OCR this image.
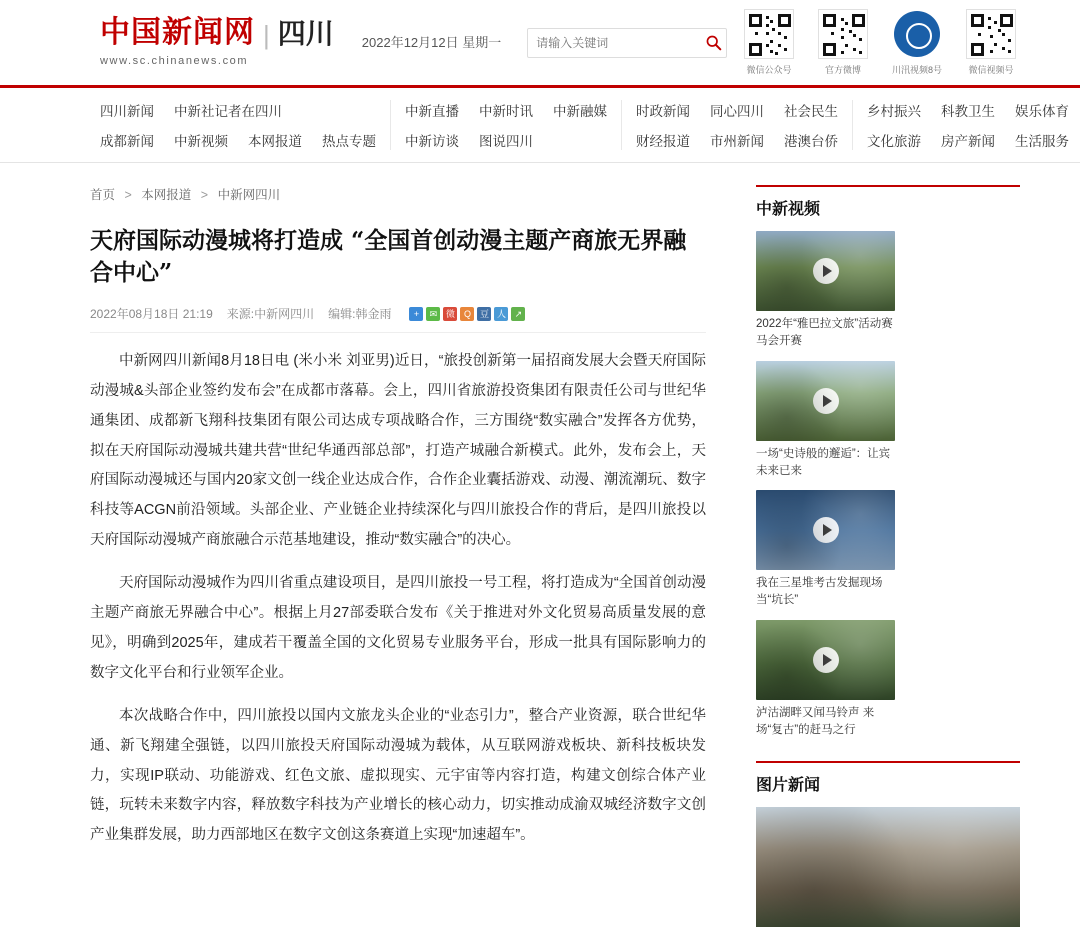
中国新闻网 | 四川
www.sc.chinanews.com
2022年12月12日 星期一
请输入关键词
微信公众号	官方微博	川汛视频8号	微信视频号
四川新闻 中新社记者在四川
成都新闻 中新视频 本网报道 热点专题
中新直播 中新时讯 中新融媒
中新访谈 图说四川
时政新闻 同心四川 社会民生
财经报道 市州新闻 港澳台侨
乡村振兴 科教卫生 娱乐体育
文化旅游 房产新闻 生活服务
首页 > 本网报道 > 中新网四川
天府国际动漫城将打造成 “全国首创动漫主题产商旅无界融合中心”
2022年08月18日 21:19 来源:中新网四川 编辑:韩金雨	+	✉ 微 Q 豆 人 ↗

中新网四川新闻8月18日电 (米小米 刘亚男)近日，“旅投创新第一届招商发展大会暨天府国际动漫城&头部企业签约发布会”在成都市落幕。会上，四川省旅游投资集团有限责任公司与世纪华通集团、成都新飞翔科技集团有限公司达成专项战略合作，三方围绕“数实融合”发挥各方优势，拟在天府国际动漫城共建共营“世纪华通西部总部”，打造产城融合新模式。此外，发布会上，天府国际动漫城还与国内20家文创一线企业达成合作，合作企业囊括游戏、动漫、潮流潮玩、数字科技等ACGN前沿领域。头部企业、产业链企业持续深化与四川旅投合作的背后，是四川旅投以天府国际动漫城产商旅融合示范基地建设，推动“数实融合”的决心。

天府国际动漫城作为四川省重点建设项目，是四川旅投一号工程，将打造成为“全国首创动漫主题产商旅无界融合中心”。根据上月27部委联合发布《关于推进对外文化贸易高质量发展的意见》，明确到2025年，建成若干覆盖全国的文化贸易专业服务平台，形成一批具有国际影响力的数字文化平台和行业领军企业。

本次战略合作中，四川旅投以国内文旅龙头企业的“业态引力”，整合产业资源，联合世纪华通、新飞翔建全强链，以四川旅投天府国际动漫城为载体，从互联网游戏板块、新科技板块发力，实现IP联动、功能游戏、红色文旅、虚拟现实、元宇宙等内容打造，构建文创综合体产业链，玩转未来数字内容，释放数字科技为产业增长的核心动力，切实推动成渝双城经济数字文创产业集群发展，助力西部地区在数字文创这条赛道上实现“加速超车”。

中新视频
2022年“雅巴拉文旅”活动赛马会开赛
一场“史诗般的邂逅”：让宾未来已来
我在三星堆考古发掘现场当“坑长”
泸沽湖畔又闻马铃声 来场“复古”的赶马之行
图片新闻
